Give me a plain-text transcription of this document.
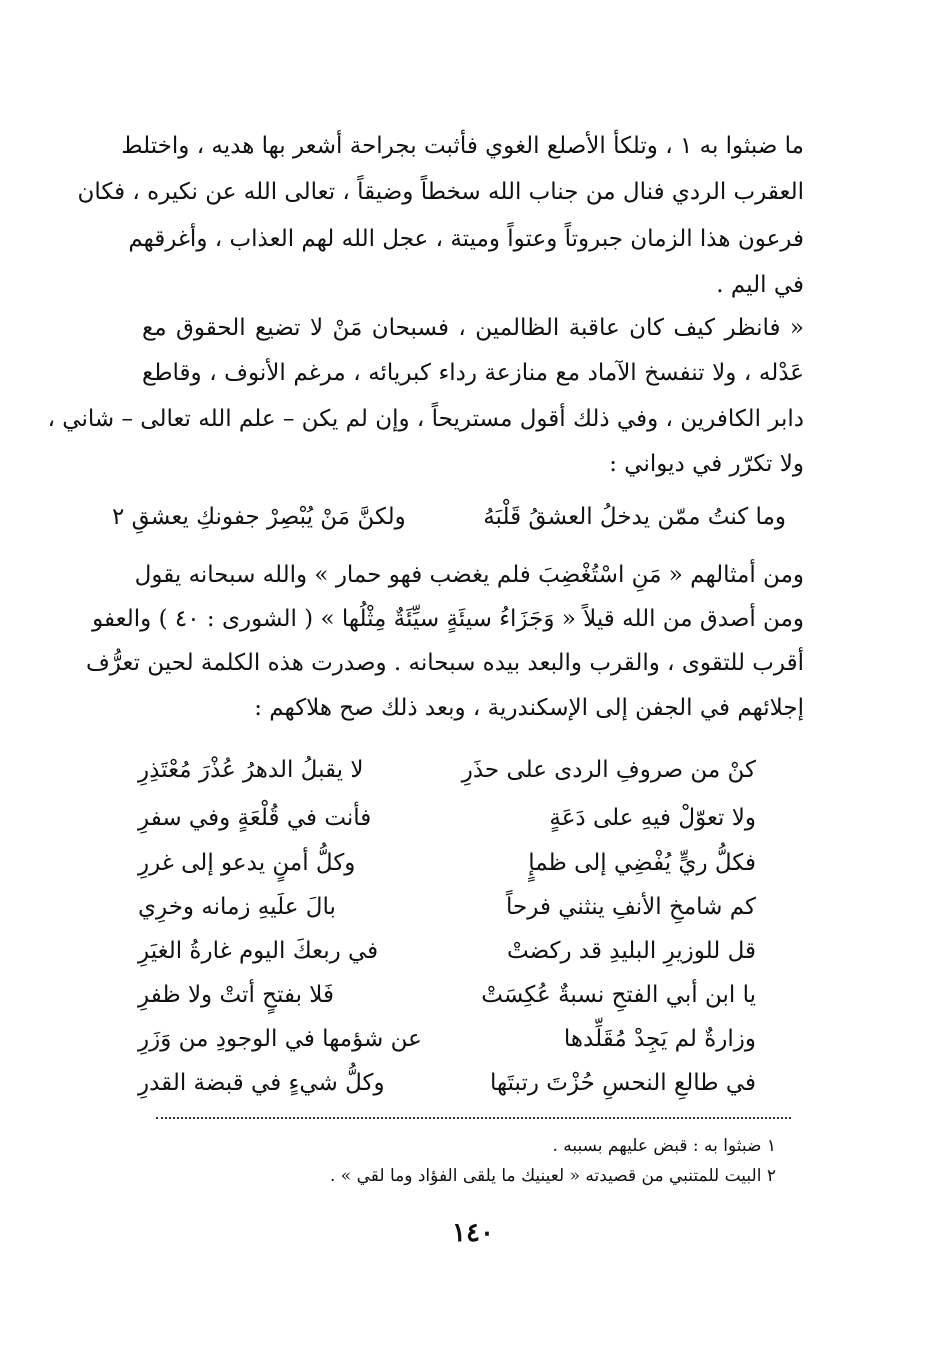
ما ضبثوا به ١ ، وتلكأ الأصلع الغوي فأثبت بجراحة أشعر بها هديه ، واختلط
العقرب الردي فنال من جناب الله سخطاً وضيقاً ، تعالى الله عن نكيره ، فكان
فرعون هذا الزمان جبروتاً وعتواً وميتة ، عجل الله لهم العذاب ، وأغرقهم
في اليم .
« فانظر كيف كان عاقبة الظالمين ، فسبحان مَنْ لا تضيع الحقوق مع
عَدْله ، ولا تنفسخ الآماد مع منازعة رداء كبريائه ، مرغم الأنوف ، وقاطع
دابر الكافرين ، وفي ذلك أقول مستريحاً ، وإن لم يكن – علم الله تعالى – شاني ،
ولا تكرّر في ديواني :
وما كنتُ ممّن يدخلُ العشقُ قَلْبَهُ
ولكنَّ مَنْ يُبْصِرْ جفونكِ يعشقِ ٢
ومن أمثالهم « مَنِ اسْتُغْضِبَ فلم يغضب فهو حمار » والله سبحانه يقول
ومن أصدق من الله قيلاً « وَجَزَاءُ سيئَةٍ سيِّئَةٌ مِثْلُها » ( الشورى : ٤٠ ) والعفو
أقرب للتقوى ، والقرب والبعد بيده سبحانه . وصدرت هذه الكلمة لحين تعرُّف
إجلائهم في الجفن إلى الإسكندرية ، وبعد ذلك صح هلاكهم :
كنْ من صروفِ الردى على حذَرِ
لا يقبلُ الدهرُ عُذْرَ مُعْتَذِرِ
ولا تعوّلْ فيهِ على دَعَةٍ
فأنت في قُلْعَةٍ وفي سفرِ
فكلُّ ريٍّ يُفْضِي إلى ظمإٍ
وكلُّ أمنٍ يدعو إلى غررِ
كم شامخِ الأنفِ ينثني فرحاً
بالَ علَيهِ زمانه وخرِي
قل للوزيرِ البليدِ قد ركضتْ
في ربعكَ اليوم غارةُ الغيَرِ
يا ابن أبي الفتحِ نسبةٌ عُكِسَتْ
فَلا بفتحٍ أتتْ ولا ظفرِ
وزارةٌ لم يَجِدْ مُقَلِّدها
عن شؤمها في الوجودِ من وَزَرِ
في طالعِ النحسِ حُزْتَ رتبتَها
وكلُّ شيءٍ في قبضة القدرِ
١ ضبثوا به : قبض عليهم بسببه .
٢ البيت للمتنبي من قصيدته « لعينيك ما يلقى الفؤاد وما لقي » .
١٤٠
